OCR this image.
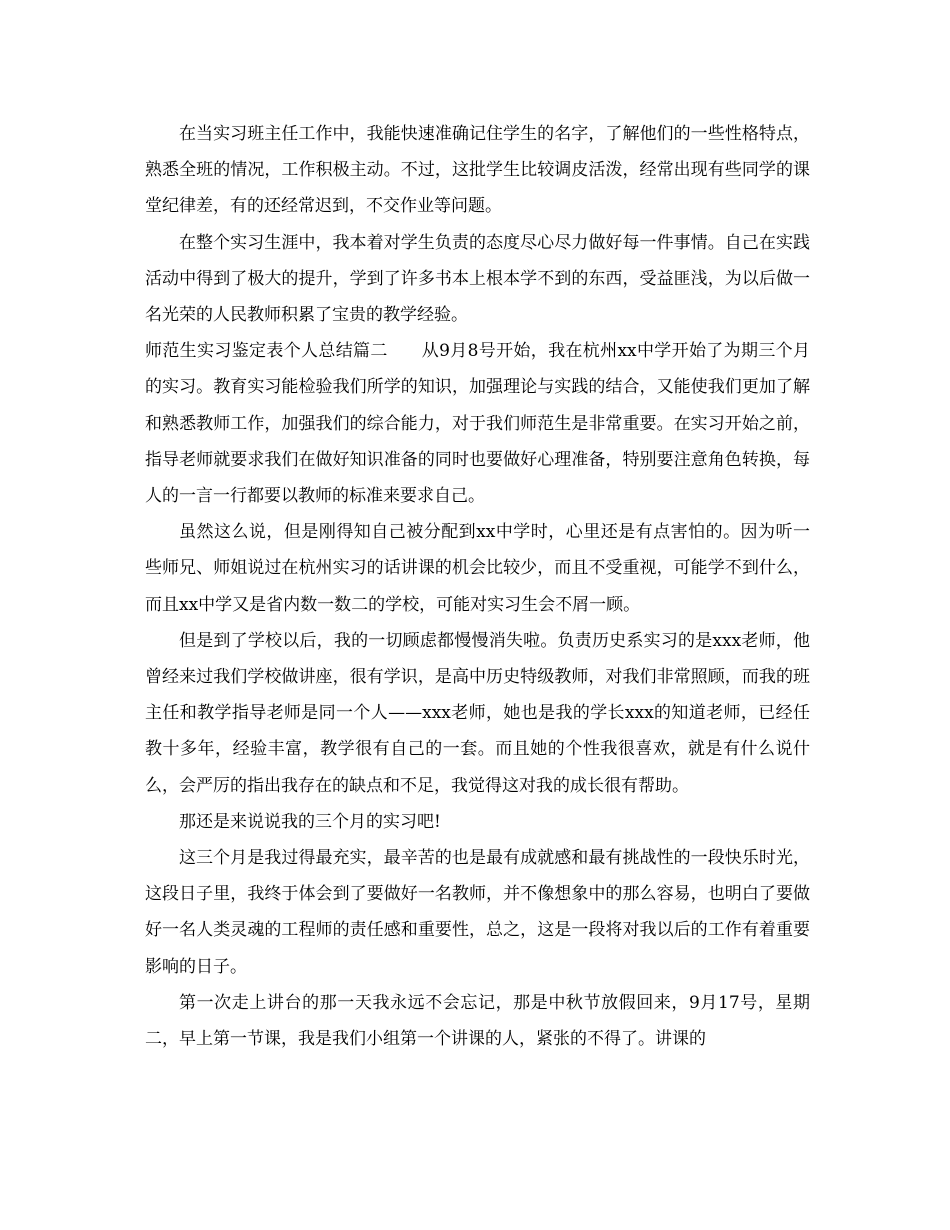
在当实习班主任工作中，我能快速准确记住学生的名字，了解他们的一些性格特点，熟悉全班的情况，工作积极主动。不过，这批学生比较调皮活泼，经常出现有些同学的课堂纪律差，有的还经常迟到，不交作业等问题。

在整个实习生涯中，我本着对学生负责的态度尽心尽力做好每一件事情。自己在实践活动中得到了极大的提升，学到了许多书本上根本学不到的东西，受益匪浅，为以后做一名光荣的人民教师积累了宝贵的教学经验。

师范生实习鉴定表个人总结篇二 从9月8号开始，我在杭州xx中学开始了为期三个月的实习。教育实习能检验我们所学的知识，加强理论与实践的结合，又能使我们更加了解和熟悉教师工作，加强我们的综合能力，对于我们师范生是非常重要。在实习开始之前，指导老师就要求我们在做好知识准备的同时也要做好心理准备，特别要注意角色转换，每人的一言一行都要以教师的标准来要求自己。

虽然这么说，但是刚得知自己被分配到xx中学时，心里还是有点害怕的。因为听一些师兄、师姐说过在杭州实习的话讲课的机会比较少，而且不受重视，可能学不到什么，而且xx中学又是省内数一数二的学校，可能对实习生会不屑一顾。

但是到了学校以后，我的一切顾虑都慢慢消失啦。负责历史系实习的是xxx老师，他曾经来过我们学校做讲座，很有学识，是高中历史特级教师，对我们非常照顾，而我的班主任和教学指导老师是同一个人——xxx老师，她也是我的学长xxx的知道老师，已经任教十多年，经验丰富，教学很有自己的一套。而且她的个性我很喜欢，就是有什么说什么，会严厉的指出我存在的缺点和不足，我觉得这对我的成长很有帮助。

那还是来说说我的三个月的实习吧!

这三个月是我过得最充实，最辛苦的也是最有成就感和最有挑战性的一段快乐时光，这段日子里，我终于体会到了要做好一名教师，并不像想象中的那么容易，也明白了要做好一名人类灵魂的工程师的责任感和重要性，总之，这是一段将对我以后的工作有着重要影响的日子。

第一次走上讲台的那一天我永远不会忘记，那是中秋节放假回来，9月17号，星期二，早上第一节课，我是我们小组第一个讲课的人，紧张的不得了。讲课的
